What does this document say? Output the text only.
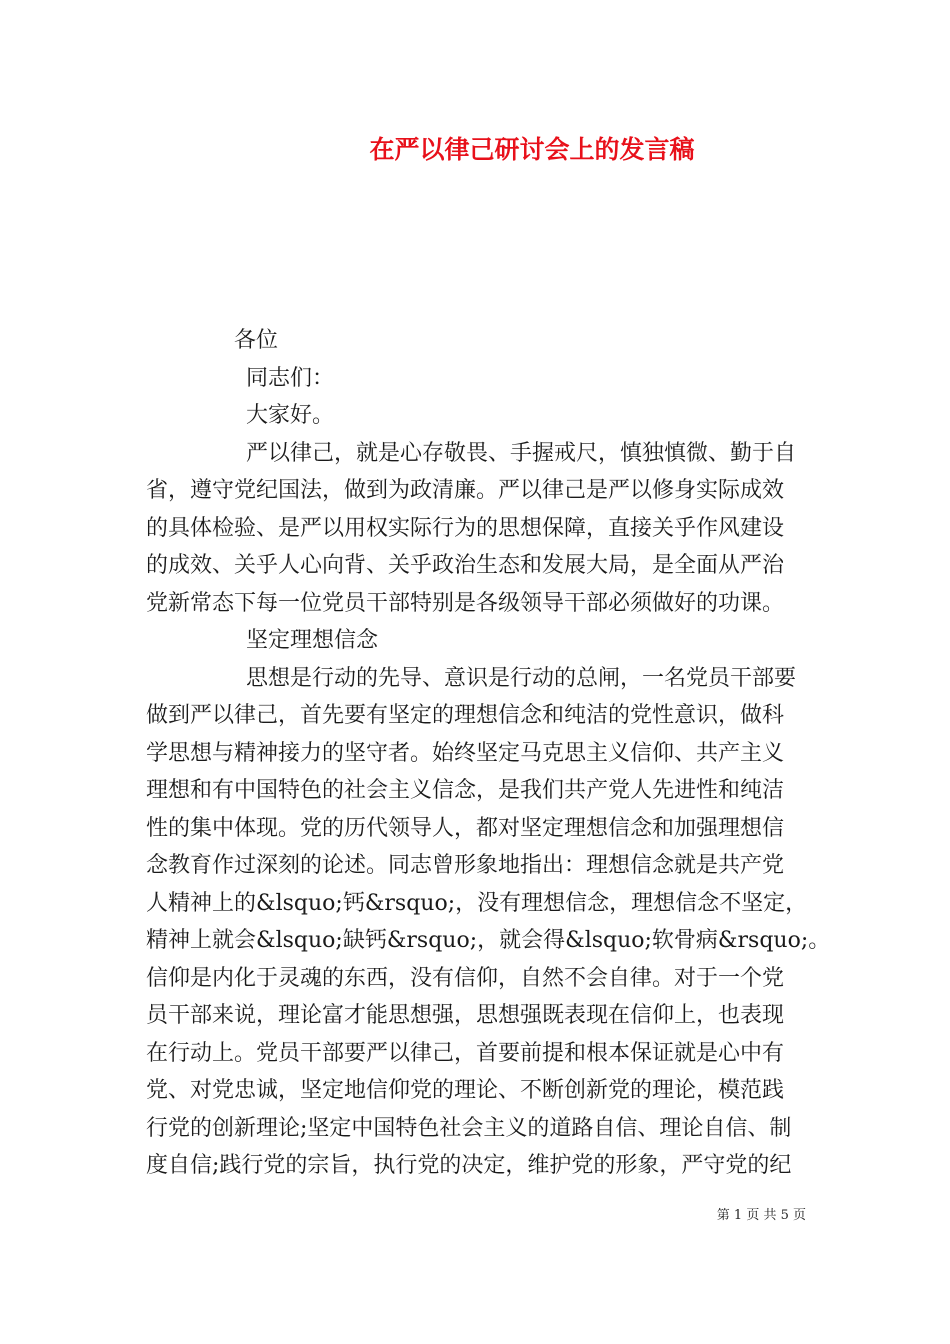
在严以律己研讨会上的发言稿
各位
同志们：
大家好。
严以律己，就是心存敬畏、手握戒尺，慎独慎微、勤于自
省，遵守党纪国法，做到为政清廉。严以律己是严以修身实际成效
的具体检验、是严以用权实际行为的思想保障，直接关乎作风建设
的成效、关乎人心向背、关乎政治生态和发展大局，是全面从严治
党新常态下每一位党员干部特别是各级领导干部必须做好的功课。
坚定理想信念
思想是行动的先导、意识是行动的总闸，一名党员干部要
做到严以律己，首先要有坚定的理想信念和纯洁的党性意识，做科
学思想与精神接力的坚守者。始终坚定马克思主义信仰、共产主义
理想和有中国特色的社会主义信念，是我们共产党人先进性和纯洁
性的集中体现。党的历代领导人，都对坚定理想信念和加强理想信
念教育作过深刻的论述。同志曾形象地指出：理想信念就是共产党
人精神上的&lsquo;钙&rsquo;，没有理想信念，理想信念不坚定，
精神上就会&lsquo;缺钙&rsquo;，就会得&lsquo;软骨病&rsquo;。
信仰是内化于灵魂的东西，没有信仰，自然不会自律。对于一个党
员干部来说，理论富才能思想强，思想强既表现在信仰上，也表现
在行动上。党员干部要严以律己，首要前提和根本保证就是心中有
党、对党忠诚，坚定地信仰党的理论、不断创新党的理论，模范践
行党的创新理论;坚定中国特色社会主义的道路自信、理论自信、制
度自信;践行党的宗旨，执行党的决定，维护党的形象，严守党的纪
第 1 页 共 5 页
